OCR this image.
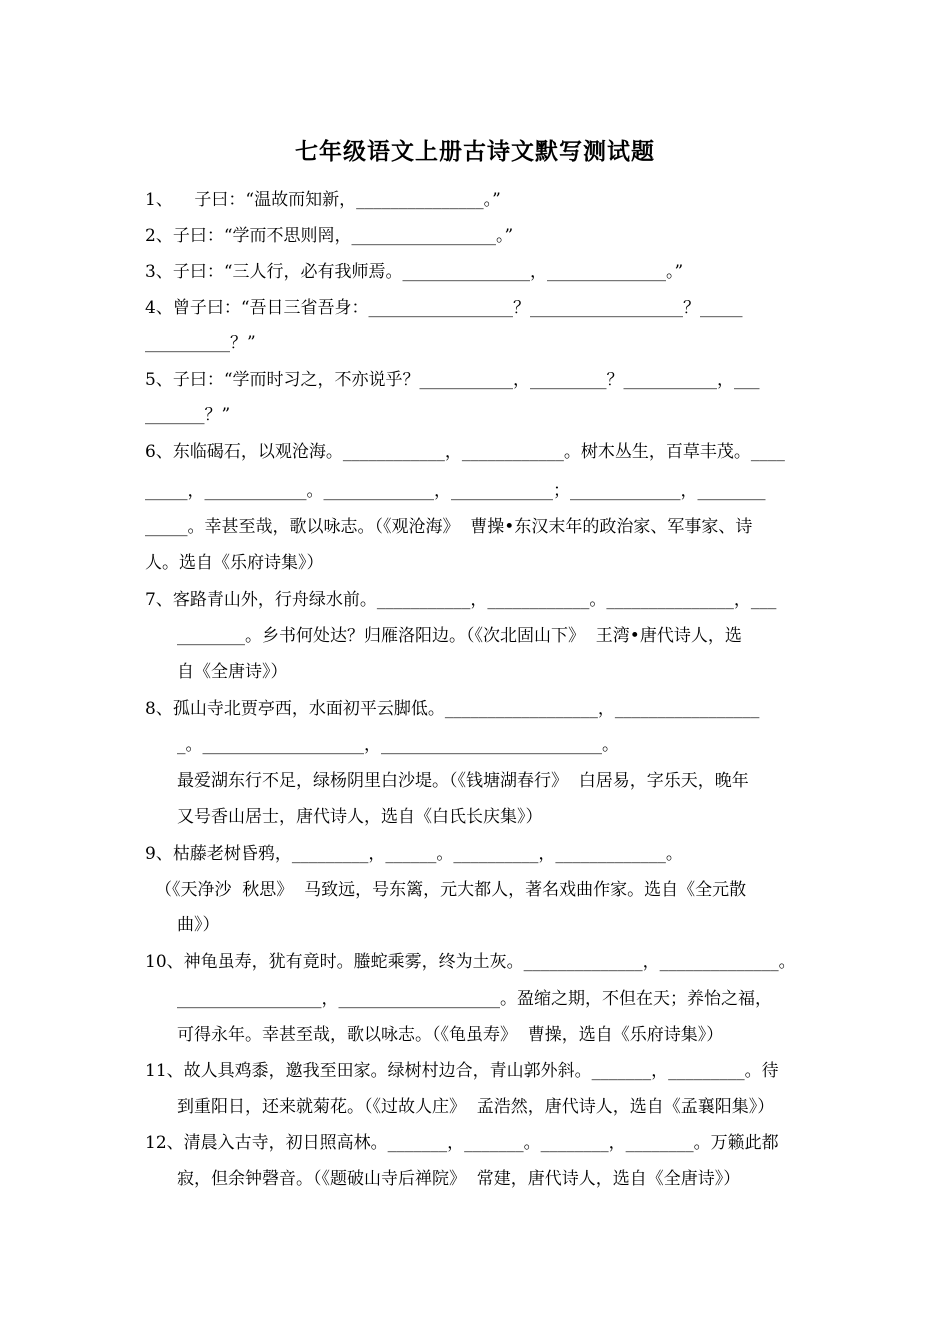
七年级语文上册古诗文默写测试题
1、    子曰：“温故而知新，_______________。”
2、子曰：“学而不思则罔，_________________。”
3、子曰：“三人行，必有我师焉。_______________，______________。”
4、曾子曰：“吾日三省吾身：_________________？__________________？_____
__________？”
5、子曰：“学而时习之，不亦说乎？___________，_________？___________，___
_______？”
6、东临碣石，以观沧海。____________，____________。树木丛生，百草丰茂。____
_____，____________。_____________，____________；_____________，________
_____。幸甚至哉，歌以咏志。（《观沧海》  曹操•东汉末年的政治家、军事家、诗
人。选自《乐府诗集》）
7、客路青山外，行舟绿水前。___________，____________。_______________，___
________。乡书何处达？归雁洛阳边。（《次北固山下》  王湾•唐代诗人，选
自《全唐诗》）
8、孤山寺北贾亭西，水面初平云脚低。__________________，_________________
_。___________________，__________________________。
最爱湖东行不足，绿杨阴里白沙堤。（《钱塘湖春行》  白居易，字乐天，晚年
又号香山居士，唐代诗人，选自《白氏长庆集》）
9、枯藤老树昏鸦，_________，______。__________，_____________。
（《天净沙  秋思》  马致远，号东篱，元大都人，著名戏曲作家。选自《全元散
曲》）
10、神龟虽寿，犹有竟时。螣蛇乘雾，终为土灰。______________，______________。
_________________，___________________。盈缩之期，不但在天；养怡之福，
可得永年。幸甚至哉，歌以咏志。（《龟虽寿》  曹操，选自《乐府诗集》）
11、故人具鸡黍，邀我至田家。绿树村边合，青山郭外斜。_______，_________。待
到重阳日，还来就菊花。（《过故人庄》  孟浩然，唐代诗人，选自《孟襄阳集》）
12、清晨入古寺，初日照高林。_______，_______。________，________。万籁此都
寂，但余钟磬音。（《题破山寺后禅院》  常建，唐代诗人，选自《全唐诗》）
